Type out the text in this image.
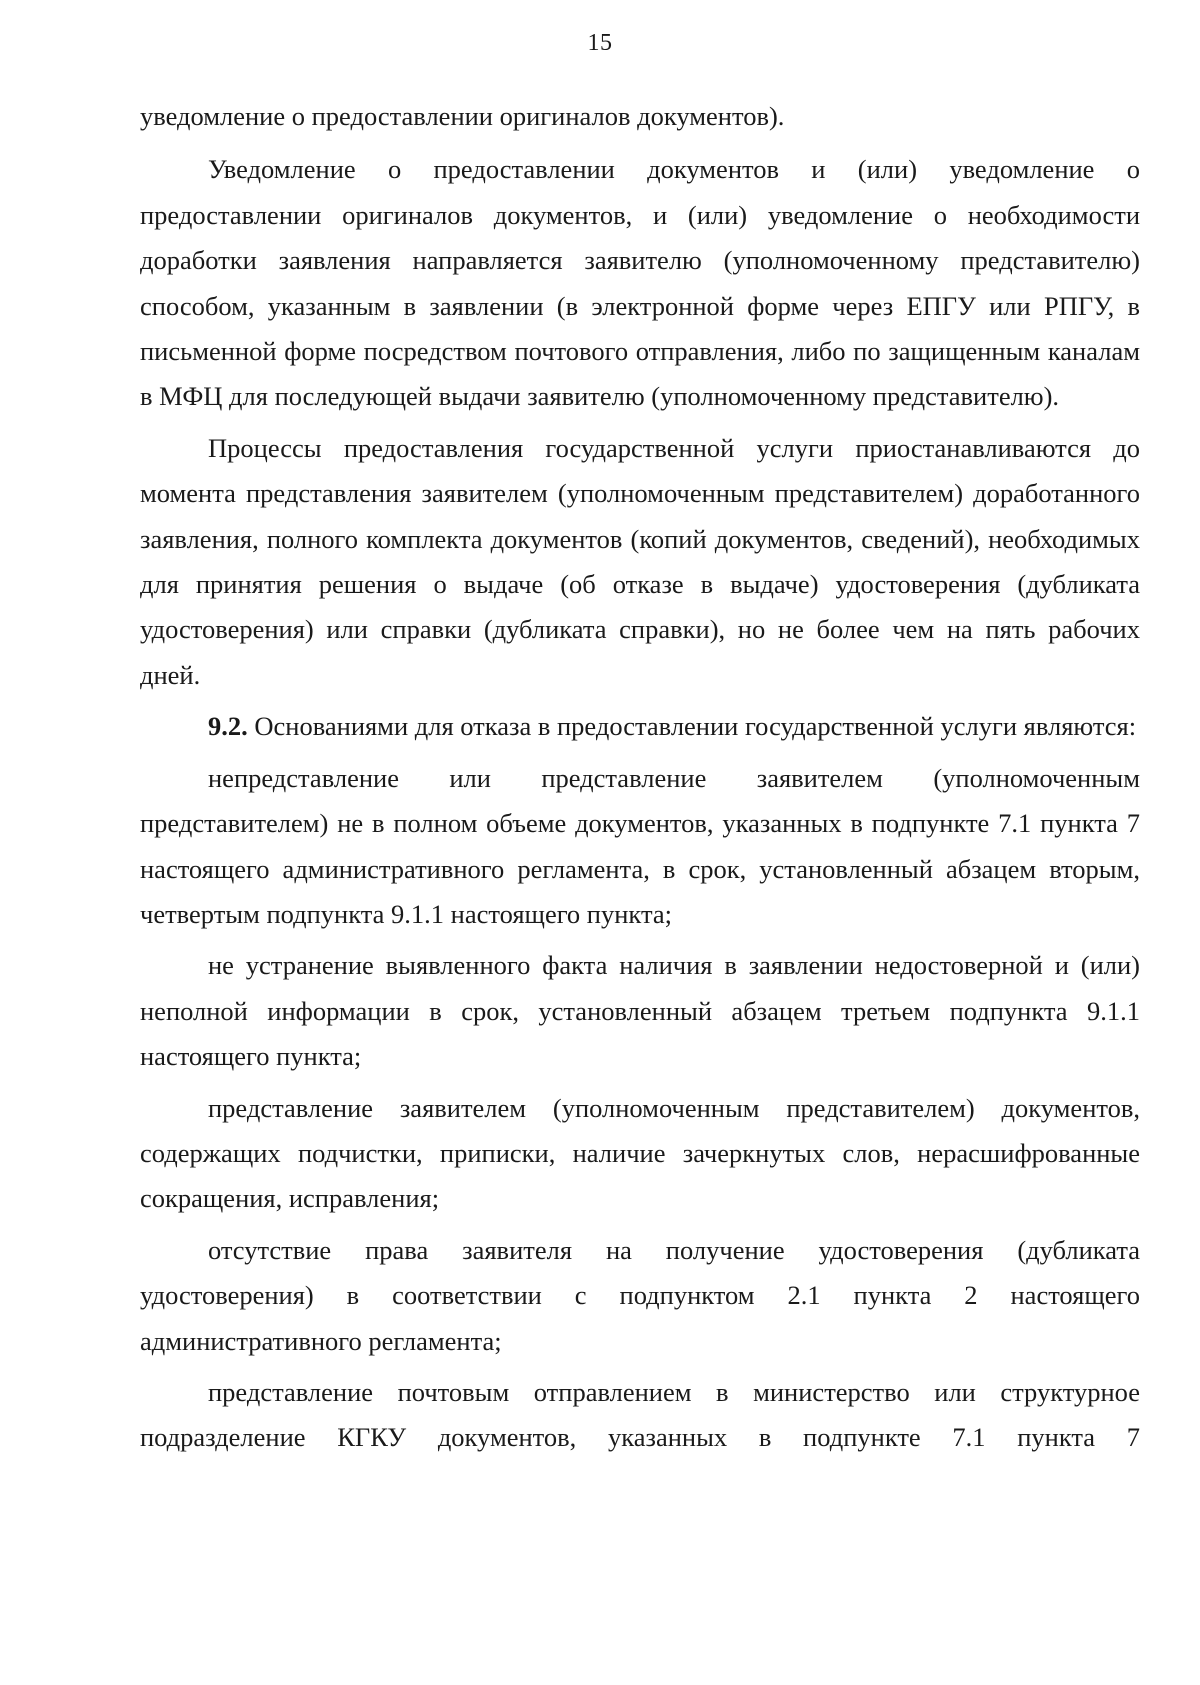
15

уведомление о предоставлении оригиналов документов).

Уведомление о предоставлении документов и (или) уведомление о предоставлении оригиналов документов, и (или) уведомление о необходимости доработки заявления направляется заявителю (уполномоченному представителю) способом, указанным в заявлении (в электронной форме через ЕПГУ или РПГУ, в письменной форме посредством почтового отправления, либо по защищенным каналам в МФЦ для последующей выдачи заявителю (уполномоченному представителю).

Процессы предоставления государственной услуги приостанавливаются до момента представления заявителем (уполномоченным представителем) доработанного заявления, полного комплекта документов (копий документов, сведений), необходимых для принятия решения о выдаче (об отказе в выдаче) удостоверения (дубликата удостоверения) или справки (дубликата справки), но не более чем на пять рабочих дней.

9.2. Основаниями для отказа в предоставлении государственной услуги являются:

непредставление или представление заявителем (уполномоченным представителем) не в полном объеме документов, указанных в подпункте 7.1 пункта 7 настоящего административного регламента, в срок, установленный абзацем вторым, четвертым подпункта 9.1.1 настоящего пункта;

не устранение выявленного факта наличия в заявлении недостоверной и (или) неполной информации в срок, установленный абзацем третьем подпункта 9.1.1 настоящего пункта;

представление заявителем (уполномоченным представителем) документов, содержащих подчистки, приписки, наличие зачеркнутых слов, нерасшифрованные сокращения, исправления;

отсутствие права заявителя на получение удостоверения (дубликата удостоверения) в соответствии с подпунктом 2.1 пункта 2 настоящего административного регламента;

представление почтовым отправлением в министерство или структурное подразделение КГКУ документов, указанных в подпункте 7.1 пункта 7
